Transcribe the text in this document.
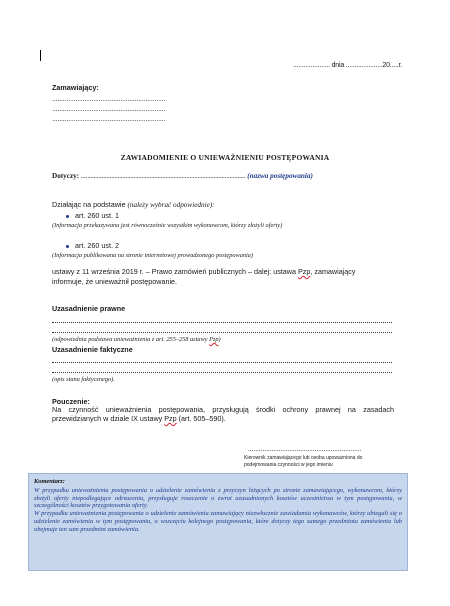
..................... dnia .....................20.....r.
Zamawiający:
...............................................................
...............................................................
...............................................................
ZAWIADOMIENIE O UNIEWAŻNIENIU POSTĘPOWANIA
Dotyczy: ....................................................................................................... (nazwa postępowania)
Działając na podstawie (należy wybrać odpowiednie):
art. 260 ust. 1
(Informacja przekazywana jest równocześnie wszystkim wykonawcom, którzy złożyli oferty)
art. 260 ust. 2
(Informacja publikowana na stronie internetowej prowadzonego postępowania)
ustawy z 11 września 2019 r. – Prawo zamówień publicznych – dalej: ustawa Pzp, zamawiający
informuje, że unieważnił postępowanie.
Uzasadnienie prawne
(odpowiednia podstawa unieważnienia z art. 255–258 ustawy Pzp)
Uzasadnienie faktyczne
(opis stanu faktycznego).
Pouczenie:
Na czynność unieważnienia postępowania, przysługują środki ochrony prawnej na zasadach przewidzianych w dziale IX ustawy Pzp (art. 505–590).
...............................................................
Kierownik zamawiającego lub osoba upoważniona do
podejmowania czynności w jego imieniu

Komentarz:

W przypadku unieważnienia postępowania o udzielenie zamówienia z przyczyn leżących po stronie zamawiającego, wykonawcom, którzy złożyli oferty niepodlegające odrzuceniu, przysługuje roszczenie o zwrot uzasadnionych kosztów uczestnictwa w tym postępowaniu, w szczególności kosztów przygotowania oferty.

W przypadku unieważnienia postępowania o udzielenie zamówienia zamawiający niezwłocznie zawiadamia wykonawców, którzy ubiegali się o udzielenie zamówienia w tym postępowaniu, o wszczęciu kolejnego postępowania, które dotyczy tego samego przedmiotu zamówienia lub obejmuje ten sam przedmiot zamówienia.
